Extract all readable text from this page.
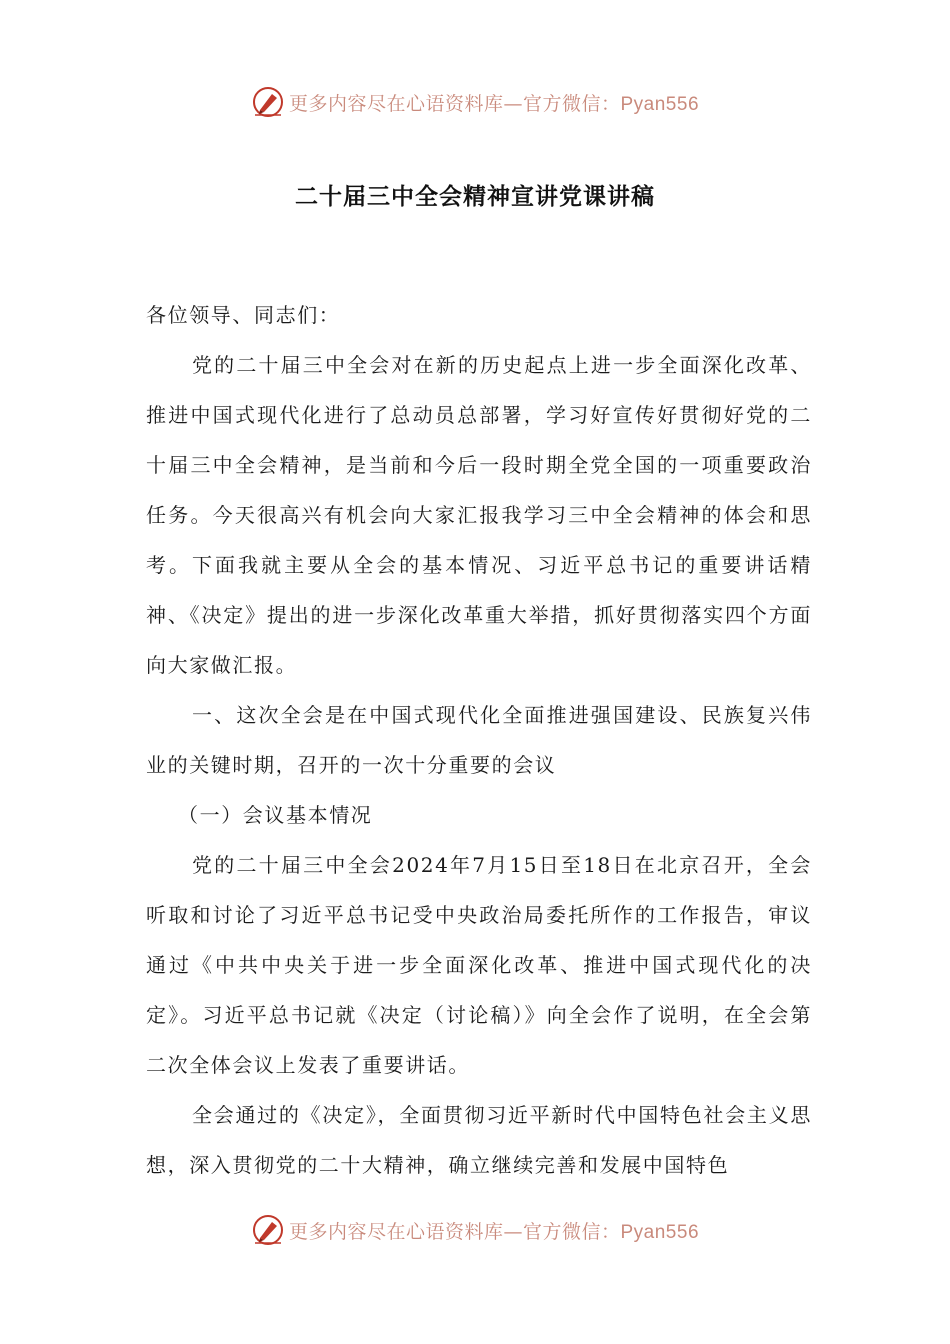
更多内容尽在心语资料库—官方微信：Pyan556
二十届三中全会精神宣讲党课讲稿

各位领导、同志们：

党的二十届三中全会对在新的历史起点上进一步全面深化改革、推进中国式现代化进行了总动员总部署，学习好宣传好贯彻好党的二十届三中全会精神，是当前和今后一段时期全党全国的一项重要政治任务。今天很高兴有机会向大家汇报我学习三中全会精神的体会和思考。下面我就主要从全会的基本情况、习近平总书记的重要讲话精神、《决定》提出的进一步深化改革重大举措，抓好贯彻落实四个方面向大家做汇报。

一、这次全会是在中国式现代化全面推进强国建设、民族复兴伟业的关键时期，召开的一次十分重要的会议

（一）会议基本情况

党的二十届三中全会2024年7月15日至18日在北京召开，全会听取和讨论了习近平总书记受中央政治局委托所作的工作报告，审议通过《中共中央关于进一步全面深化改革、推进中国式现代化的决定》。习近平总书记就《决定（讨论稿）》向全会作了说明，在全会第二次全体会议上发表了重要讲话。

全会通过的《决定》，全面贯彻习近平新时代中国特色社会主义思想，深入贯彻党的二十大精神，确立继续完善和发展中国特色

更多内容尽在心语资料库—官方微信：Pyan556
